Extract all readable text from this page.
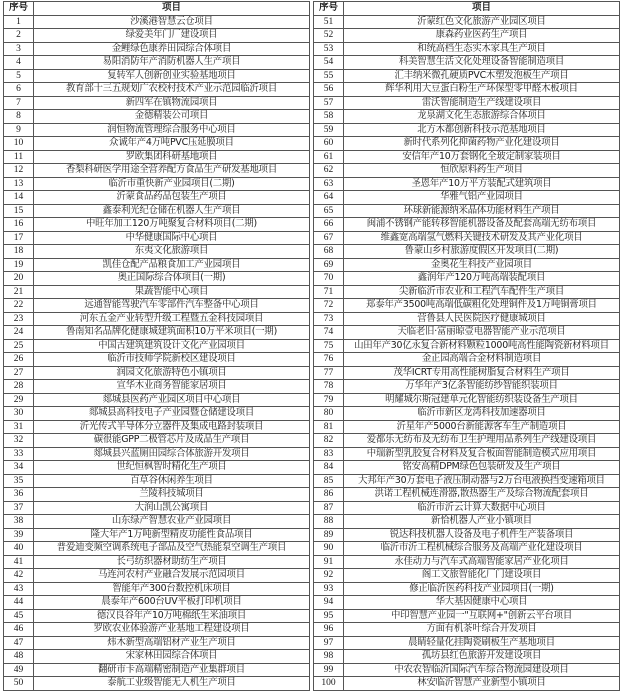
序号	项目
1	沙溪港智慧云仓项目
2	绿爱美年门厂建设项目
3	金鲤绿色康养田园综合体项目
4	易阳消防年产消防机器人生产项目
5	复转军人创新创业实验基地项目
6	教育部十三五规划广农校村技术产业示范园临沂项目
7	新四军在镇物流园项目
8	金德精装公司项目
9	润恒物流管理综合服务中心项目
10	众诚年产4万吨PVC压延膜项目
11	罗欧集团科研基地项目
12	香梨科研医学用途全营养配方食品生产研发基地项目
13	临沂市重快新产业园项目(二期)
14	沂蒙食品药品包装生产项目
15	鑫泰利光纪仓储在机器人生产项目
16	中旺年加工120万吨聚复合材料项目(二期)
17	中华健康国际中心项目
18	东夷文化旅游项目
19	凯佳仓配产品粮食加工产业园项目
20	奥正国际综合体项目(一期)
21	果蔬智能中心项目
22	远通智能驾驶汽车零部件汽车整备中心项目
23	河东五金产业转型升级工程暨五金科技园项目
24	鲁南知名品牌化健康城建筑面积10万平米项目(一期)
25	中国古建筑建筑设计文化产业园项目
26	临沂市技师学院新校区建设项目
27	润园文化旅游特色小镇项目
28	宣华木业商务智能家居项目
29	郯城县医药产业园区项目中心项目
30	郯城县高科技电子产业园暨仓储建设项目
31	沂光传式半导体分立器件及集成电路封装项目
32	碳很能GPP二极管芯片及成品生产项目
33	郯城县兴蓝厕田园综合体旅游开发项目
34	世纪恒枫智时精化生产项目
35	百草谷休闲养生项目
36	兰陵科技城项目
37	大润山凯公寓项目
38	山东绿产智慧农业产业园项目
39	隆大年产1万吨新型精皮功能性食品项目
40	普爱迪变频空调系统电子部品及空气热能泵空调生产项目
41	长弓纺织器材助纺生产项目
42	马连河农村产业融合发展示范园项目
43	智能年产300台数控机床项目
44	晨泰年产600台UV平板打印机项目
45	德汉良谷年产10万吨棉纸生米油项目
46	罗欧农业体验游产业基地工程建设项目
47	炜木新型高端铝材产业生产项目
48	宋家林田园综合体项目
49	翻研市卡高端精密制造产业集群项目
50	泰航工业级智能无人机生产项目
序号	项目
51	沂蒙红色文化旅游产业园区项目
52	康森药业医药生产项目
53	和统高档生态实木家具生产项目
54	科美智慧生活文化处理设备智能制造项目
55	汇丰纳米微孔硬质PVC木塑发泡板生产项目
56	辉华利用大豆蛋白粉生产环保型零甲醛木板项目
57	雷沃智能制造生产线建设项目
58	龙泉湖文化生态旅游综合体项目
59	北方木都创新科技示范基地项目
60	新时代系列化抑菌药物产业化建设项目
61	安信年产10万套钢化全玻定制家装项目
62	恒欣原料药生产项目
63	圣恩年产10万平方装配式建筑项目
64	华雅气铝产业园项目
65	环球新能源纳米晶体功能材料生产项目
66	闽浦不锈钢产能转移智能机器设备及配套高端无纺布项目
67	维鑫宽高端氢气燃料关键技术研发及其产业化项目
68	鲁蒙山乡村旅游度假区开发项目(二期)
69	金奥花生科技产业园项目
70	鑫润年产120万吨高端装配项目
71	尖新临沂市农业和工程汽车配件生产项目
72	郑泰年产3500吨高端低碳粗化处理铜件及1万吨铜膏项目
73	营鲁县人民医院医疗健康城项目
74	天临老旧·富丽晾壹电器智能产业示范项目
75	山田年产30亿永复合新材料颗粒1000吨高性能陶瓷新材料项目
76	金正园高端合金材料制造项目
77	茂华ICRT专用高性能树脂复合材料生产项目
78	万华年产3亿条智能纺纱智能织装项目
79	明耀城尔斯冠建单元化智能纺织装设备生产项目
80	临沂市新区龙湾科技加速器项目
81	沂星年产5000台新能源客车生产制造项目
82	爱都乐无纺布及无纺布卫生护理用品系列生产线建设项目
83	中瑞新型乳胶复合材料及复合板面智能制造模式应用项目
84	铭安高精DPM绿色包装研发及生产项目
85	大邦年产30万套电子液压制动器与2万台电液换挡变速箱项目
86	洪诺工程机械连滑器,散热器生产及综合物流配套项目
87	临沂市沂云计算大数据中心项目
88	新恰机器人产业小镇项目
89	锐达科技机器人设备及电子机件生产装备项目
90	临沂市沂工程机械综合服务及高端产业化建设项目
91	永佳动力与汽车式高端智能家居产业化项目
92	阁工文旅智能化厂门建设项目
93	修正临沂医药科技产业园项目(一期)
94	华大基因健康中心项目
95	中印智慧产业园一"互联网+"创新云平台项目
96	方面有机茶叶综合开发项目
97	晨睛轻量化挂陶瓷刷板生产基地项目
98	孤坊县红色旅游开发建设项目
99	中农农智临沂国际汽车综合物流园建设项目
100	林安临沂智慧产业新型小镇项目
